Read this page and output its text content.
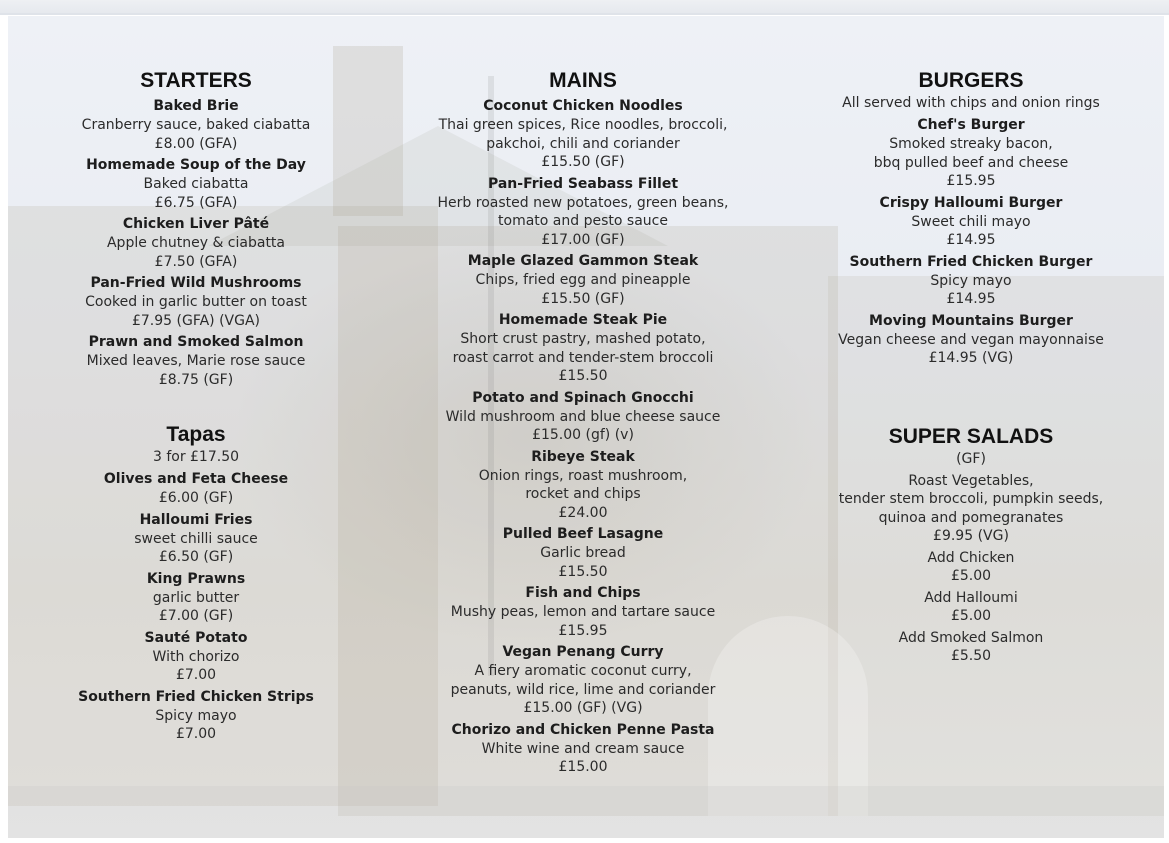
STARTERS
Baked Brie
Cranberry sauce, baked ciabatta
£8.00 (GFA)
Homemade Soup of the Day
Baked ciabatta
£6.75 (GFA)
Chicken Liver Pâté
Apple chutney & ciabatta
£7.50 (GFA)
Pan-Fried Wild Mushrooms
Cooked in garlic butter on toast
£7.95 (GFA) (VGA)
Prawn and Smoked Salmon
Mixed leaves, Marie rose sauce
£8.75 (GF)
Tapas
3 for £17.50
Olives and Feta Cheese
£6.00 (GF)
Halloumi Fries
sweet chilli sauce
£6.50 (GF)
King Prawns
garlic butter
£7.00 (GF)
Sauté Potato
With chorizo
£7.00
Southern Fried Chicken Strips
Spicy mayo
£7.00
MAINS
Coconut Chicken Noodles
Thai green spices, Rice noodles, broccoli,
pakchoi, chili and coriander
£15.50 (GF)
Pan-Fried Seabass Fillet
Herb roasted new potatoes, green beans,
tomato and pesto sauce
£17.00 (GF)
Maple Glazed Gammon Steak
Chips, fried egg and pineapple
£15.50 (GF)
Homemade Steak Pie
Short crust pastry, mashed potato,
roast carrot and tender-stem broccoli
£15.50
Potato and Spinach Gnocchi
Wild mushroom and blue cheese sauce
£15.00 (gf) (v)
Ribeye Steak
Onion rings, roast mushroom,
rocket and chips
£24.00
Pulled Beef Lasagne
Garlic bread
£15.50
Fish and Chips
Mushy peas, lemon and tartare sauce
£15.95
Vegan Penang Curry
A fiery aromatic coconut curry,
peanuts, wild rice, lime and coriander
£15.00 (GF) (VG)
Chorizo and Chicken Penne Pasta
White wine and cream sauce
£15.00
BURGERS
All served with chips and onion rings
Chef's Burger
Smoked streaky bacon,
bbq pulled beef and cheese
£15.95
Crispy Halloumi Burger
Sweet chili mayo
£14.95
Southern Fried Chicken Burger
Spicy mayo
£14.95
Moving Mountains Burger
Vegan cheese and vegan mayonnaise
£14.95 (VG)
SUPER SALADS
(GF)
Roast Vegetables,
tender stem broccoli, pumpkin seeds,
quinoa and pomegranates
£9.95 (VG)
Add Chicken
£5.00
Add Halloumi
£5.00
Add Smoked Salmon
£5.50
